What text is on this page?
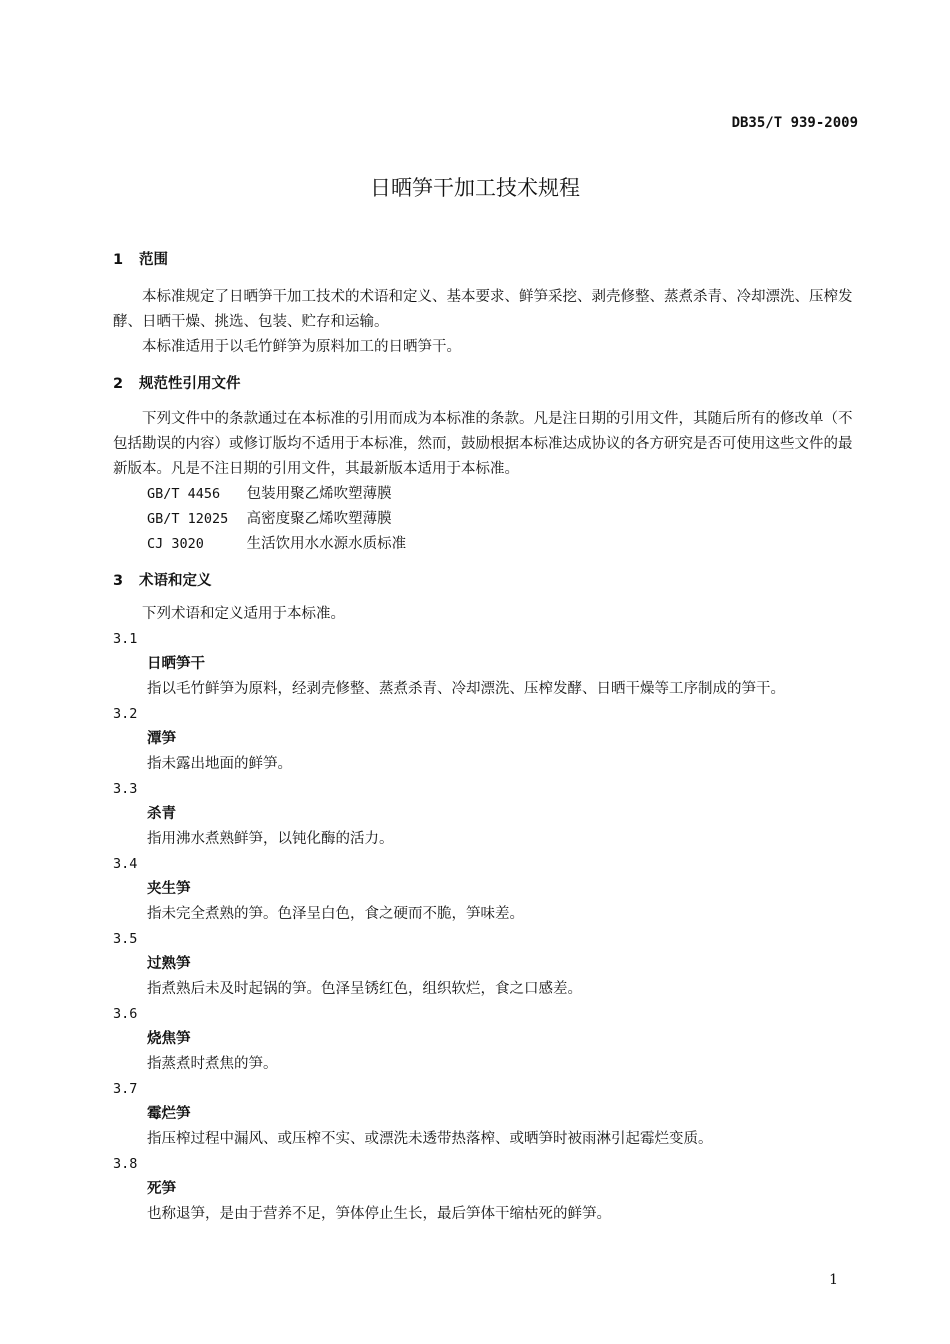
DB35/T 939-2009
日晒笋干加工技术规程
1 范围

本标准规定了日晒笋干加工技术的术语和定义、基本要求、鲜笋采挖、剥壳修整、蒸煮杀青、冷却漂洗、压榨发酵、日晒干燥、挑选、包装、贮存和运输。

本标准适用于以毛竹鲜笋为原料加工的日晒笋干。

2 规范性引用文件

下列文件中的条款通过在本标准的引用而成为本标准的条款。凡是注日期的引用文件，其随后所有的修改单（不包括勘误的内容）或修订版均不适用于本标准，然而，鼓励根据本标准达成协议的各方研究是否可使用这些文件的最新版本。凡是不注日期的引用文件，其最新版本适用于本标准。

GB/T 4456 包装用聚乙烯吹塑薄膜
GB/T 12025 高密度聚乙烯吹塑薄膜
CJ 3020	生活饮用水水源水质标准
3 术语和定义

下列术语和定义适用于本标准。

3.1
日晒笋干
指以毛竹鲜笋为原料，经剥壳修整、蒸煮杀青、冷却漂洗、压榨发酵、日晒干燥等工序制成的笋干。
3.2
潭笋
指未露出地面的鲜笋。
3.3
杀青
指用沸水煮熟鲜笋，以钝化酶的活力。
3.4
夹生笋
指未完全煮熟的笋。色泽呈白色，食之硬而不脆，笋味差。
3.5
过熟笋
指煮熟后未及时起锅的笋。色泽呈锈红色，组织软烂，食之口感差。
3.6
烧焦笋
指蒸煮时煮焦的笋。
3.7
霉烂笋
指压榨过程中漏风、或压榨不实、或漂洗未透带热落榨、或晒笋时被雨淋引起霉烂变质。
3.8
死笋
也称退笋，是由于营养不足，笋体停止生长，最后笋体干缩枯死的鲜笋。
1
